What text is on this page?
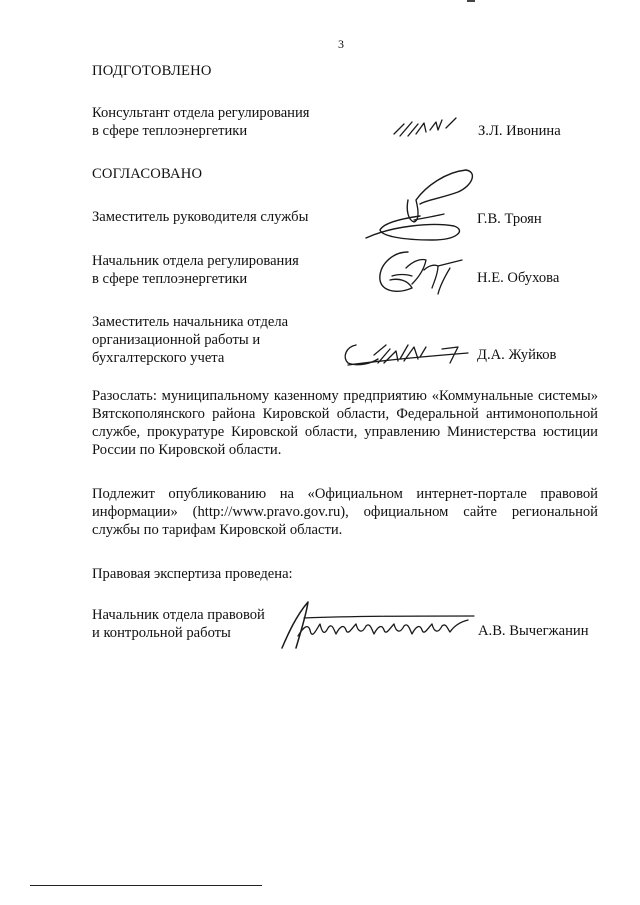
3
ПОДГОТОВЛЕНО
Консультант отдела регулирования
в сфере теплоэнергетики	З.Л. Ивонина
СОГЛАСОВАНО
Заместитель руководителя службы	Г.В. Троян
Начальник отдела регулирования
в сфере теплоэнергетики	Н.Е. Обухова
Заместитель начальника отдела
организационной работы и
бухгалтерского учета	Д.А. Жуйков
Разослать: муниципальному казенному предприятию «Коммунальные системы» Вятскополянского района Кировской области, Федеральной антимонопольной службе, прокуратуре Кировской области, управлению Министерства юстиции России по Кировской области.
Подлежит опубликованию на «Официальном интернет-портале правовой информации» (http://www.pravo.gov.ru), официальном сайте региональной службы по тарифам Кировской области.
Правовая экспертиза проведена:
Начальник отдела правовой
и контрольной работы	А.В. Вычегжанин
